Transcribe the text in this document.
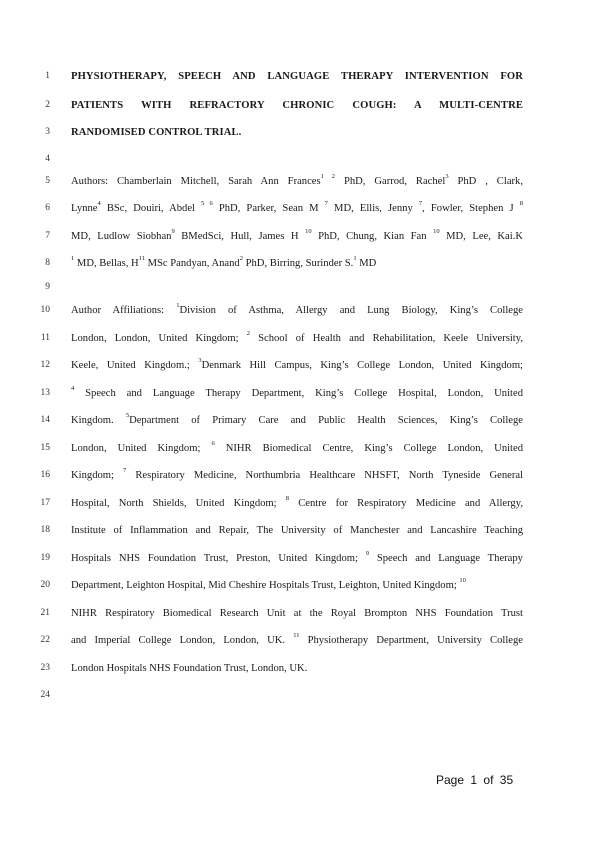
1
2
3
4
5
6
7
8
9
10
11
12
13
14
15
16
17
18
19
20
21
22
23
24
PHYSIOTHERAPY, SPEECH AND LANGUAGE THERAPY INTERVENTION FOR
PATIENTS WITH REFRACTORY CHRONIC COUGH: A MULTI-CENTRE
RANDOMISED CONTROL TRIAL.
Authors: Chamberlain Mitchell, Sarah Ann Frances$^{1 2}$ PhD, Garrod, Rachel$^3$ PhD , Clark,
Lynne$^4$ BSc, Douiri, Abdel $^{5 6}$ PhD, Parker, Sean M $^7$ MD, Ellis, Jenny $^7$, Fowler, Stephen J $^8$
MD, Ludlow Siobhan$^9$ BMedSci, Hull, James H $^{10}$ PhD, Chung, Kian Fan $^{10}$ MD, Lee, Kai.K
$^1$ MD, Bellas, $H^{11}$ MSc Pandyan, Anand$^2$ PhD, Birring, Surinder S.$^1$ MD
Author Affiliations: $^1$Division of Asthma, Allergy and Lung Biology, King’s College
London, London, United Kingdom; $^2$ School of Health and Rehabilitation, Keele University,
Keele, United Kingdom.; $^3$Denmark Hill Campus, King’s College London, United Kingdom;
$^4$ Speech and Language Therapy Department, King’s College Hospital, London, United
Kingdom. $^5$Department of Primary Care and Public Health Sciences, King’s College
London, United Kingdom; $^6$ NIHR Biomedical Centre, King’s College London, United
Kingdom; $^7$ Respiratory Medicine, Northumbria Healthcare NHSFT, North Tyneside General
Hospital, North Shields, United Kingdom; $^8$ Centre for Respiratory Medicine and Allergy,
Institute of Inflammation and Repair, The University of Manchester and Lancashire Teaching
Hospitals NHS Foundation Trust, Preston, United Kingdom; $^9$ Speech and Language Therapy
Department, Leighton Hospital, Mid Cheshire Hospitals Trust, Leighton, United Kingdom; $^{10}$
NIHR Respiratory Biomedical Research Unit at the Royal Brompton NHS Foundation Trust
and Imperial College London, London, UK. $^{11}$ Physiotherapy Department, University College
London Hospitals NHS Foundation Trust, London, UK.
Page 1 of 35
